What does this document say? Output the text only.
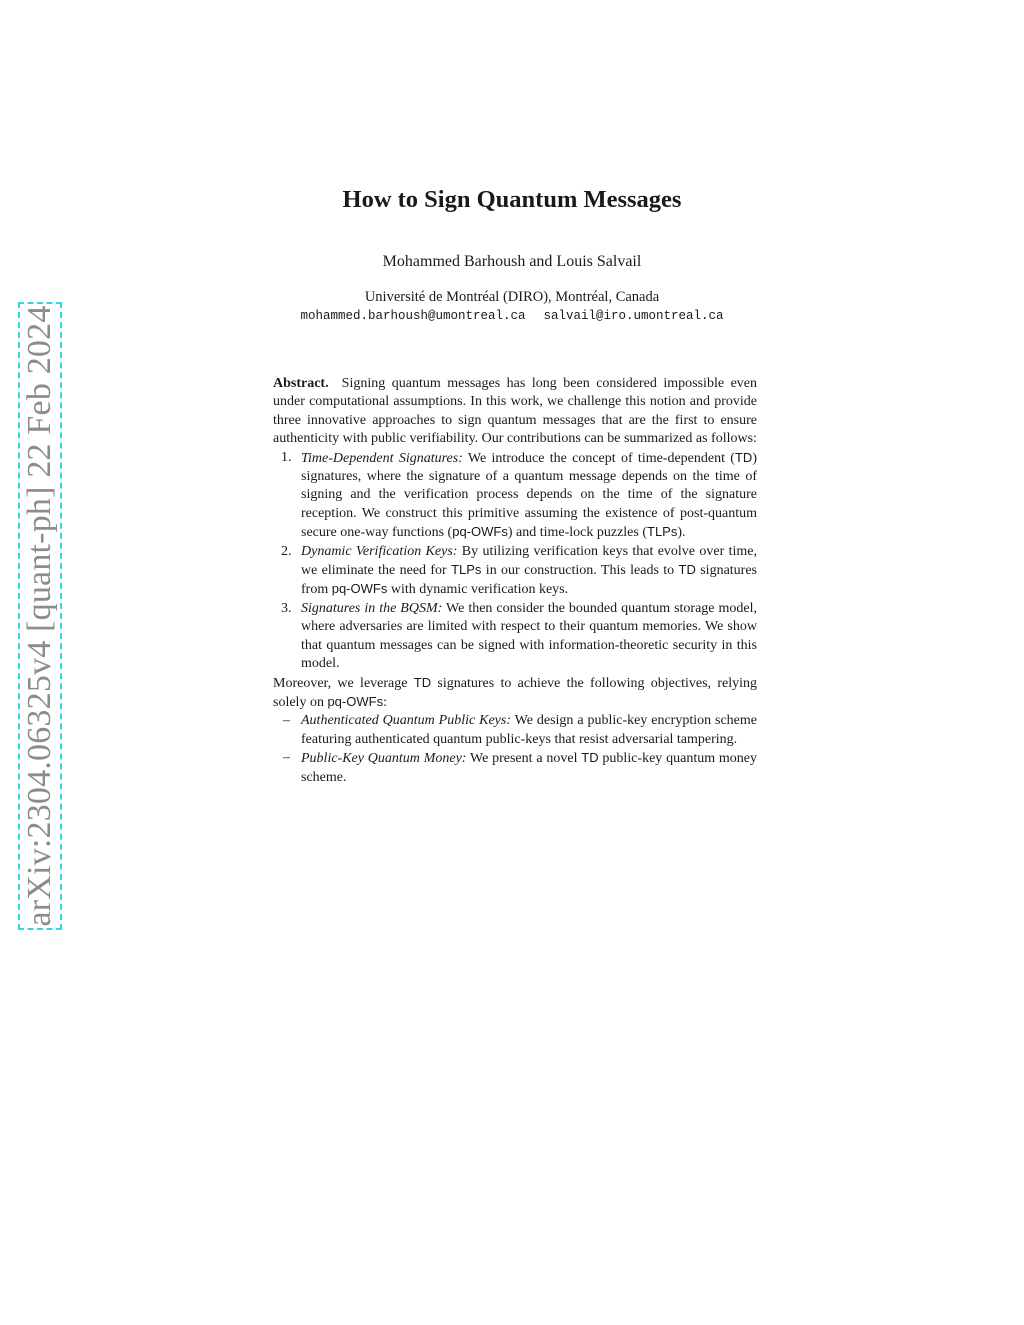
arXiv:2304.06325v4 [quant-ph] 22 Feb 2024
How to Sign Quantum Messages
Mohammed Barhoush and Louis Salvail
Université de Montréal (DIRO), Montréal, Canada
mohammed.barhoush@umontreal.ca salvail@iro.umontreal.ca

Abstract. Signing quantum messages has long been considered impossible even under computational assumptions. In this work, we challenge this notion and provide three innovative approaches to sign quantum messages that are the first to ensure authenticity with public verifiability. Our contributions can be summarized as follows:

1. Time-Dependent Signatures: We introduce the concept of time-dependent (TD) signatures, where the signature of a quantum message depends on the time of signing and the verification process depends on the time of the signature reception. We construct this primitive assuming the existence of post-quantum secure one-way functions (pq-OWFs) and time-lock puzzles (TLPs).
2. Dynamic Verification Keys: By utilizing verification keys that evolve over time, we eliminate the need for TLPs in our construction. This leads to TD signatures from pq-OWFs with dynamic verification keys.
3. Signatures in the BQSM: We then consider the bounded quantum storage model, where adversaries are limited with respect to their quantum memories. We show that quantum messages can be signed with information-theoretic security in this model.

Moreover, we leverage TD signatures to achieve the following objectives, relying solely on pq-OWFs:

– Authenticated Quantum Public Keys: We design a public-key encryption scheme featuring authenticated quantum public-keys that resist adversarial tampering.
– Public-Key Quantum Money: We present a novel TD public-key quantum money scheme.
